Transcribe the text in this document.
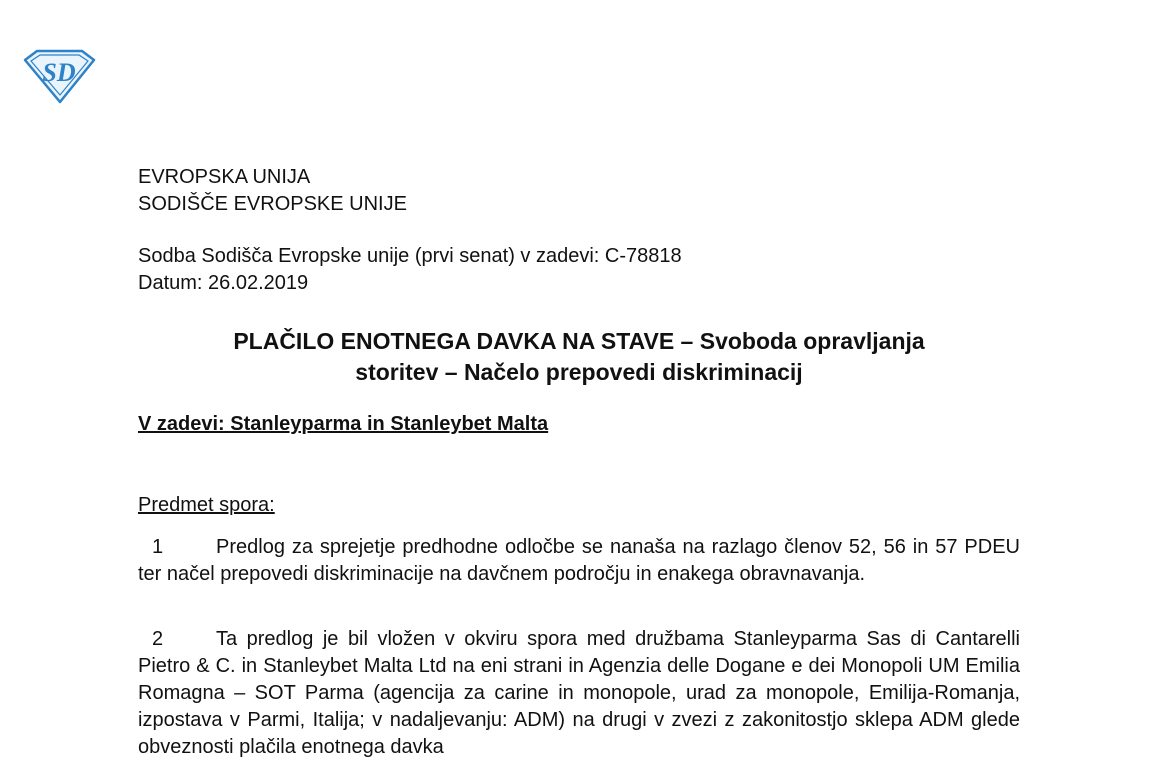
SD
EVROPSKA UNIJA
SODIŠČE EVROPSKE UNIJE
Sodba Sodišča Evropske unije (prvi senat) v zadevi: C-78818
Datum: 26.02.2019
PLAČILO ENOTNEGA DAVKA NA STAVE – Svoboda opravljanja
storitev – Načelo prepovedi diskriminacij
V zadevi: Stanleyparma in Stanleybet Malta
Predmet spora:
1	Predlog za sprejetje predhodne odločbe se nanaša na razlago členov 52, 56 in 57 PDEU ter načel prepovedi diskriminacije na davčnem področju in enakega obravnavanja.
2	Ta predlog je bil vložen v okviru spora med družbama Stanleyparma Sas di Cantarelli Pietro & C. in Stanleybet Malta Ltd na eni strani in Agenzia delle Dogane e dei Monopoli UM Emilia Romagna – SOT Parma (agencija za carine in monopole, urad za monopole, Emilija-Romanja, izpostava v Parmi, Italija; v nadaljevanju: ADM) na drugi v zvezi z zakonitostjo sklepa ADM glede obveznosti plačila enotnega davka
